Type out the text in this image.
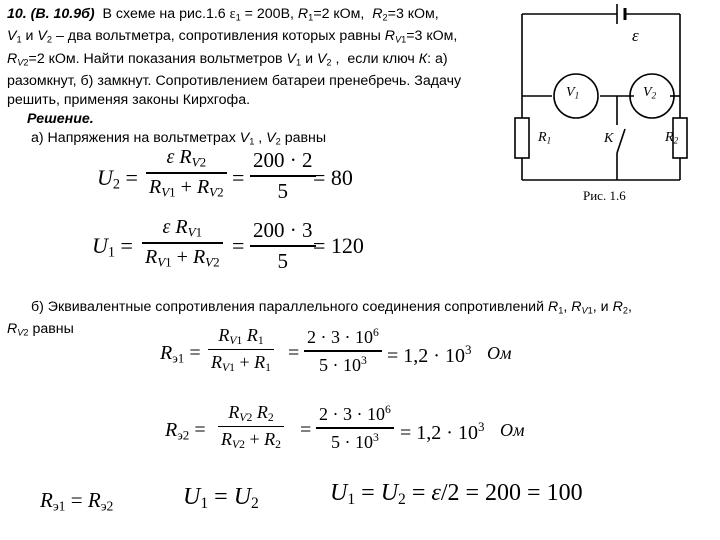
10. (В. 10.9б)  В схеме на рис.1.6 $\varepsilon_1 = 200В$, $R_1=2$ кОм,  $R_2=3$ кОм,
$V_1$ и $V_2$ – два вольтметра, сопротивления которых равны $R_{V1}=3$ кОм,
$R_{V2}=2$ кОм. Найти показания вольтметров $V_1$ и $V_2$ ,  если ключ К: а)
разомкнут, б) замкнут. Сопротивлением батареи пренебречь. Задачу
решить, применяя законы Кирхгофа.
Решение.
а) Напряжения на вольтметрах $V_1$ , $V_2$ равны
ε
$V_1$	$V_2$
$R_1$	$R_2$
K
Рис. 1.6
$U_2$ =
ε $R_{V2}$
$R_{V1} + R_{V2}$
=
200 · 2
5
= 80
$U_1$ =
ε $R_{V1}$
$R_{V1} + R_{V2}$
=
200 · 3
5
= 120
б) Эквивалентные сопротивления параллельного соединения сопротивлений $R_1$, $R_{V1}$, и $R_2$,
$R_{V2}$ равны
$R_{э1}$ =
$R_{V1}$ $R_1$
$R_{V1} + R_1$
=
$2 \cdot 3 \cdot 10^6$
$5 \cdot 10^3 = 1,2 \cdot 10^3$ Ом
$R_{э2}$ =
$R_{V2}$ $R_2$
$R_{V2} + R_2$
=
$2 \cdot 3 \cdot 10^6$
$5 \cdot 10^3 = 1,2 \cdot 10^3$ Ом
$R_{э1} = R_{э2}$	$U_1 = U_2$	$U_1 = U_2 = \varepsilon/2 = 200 = 100$
